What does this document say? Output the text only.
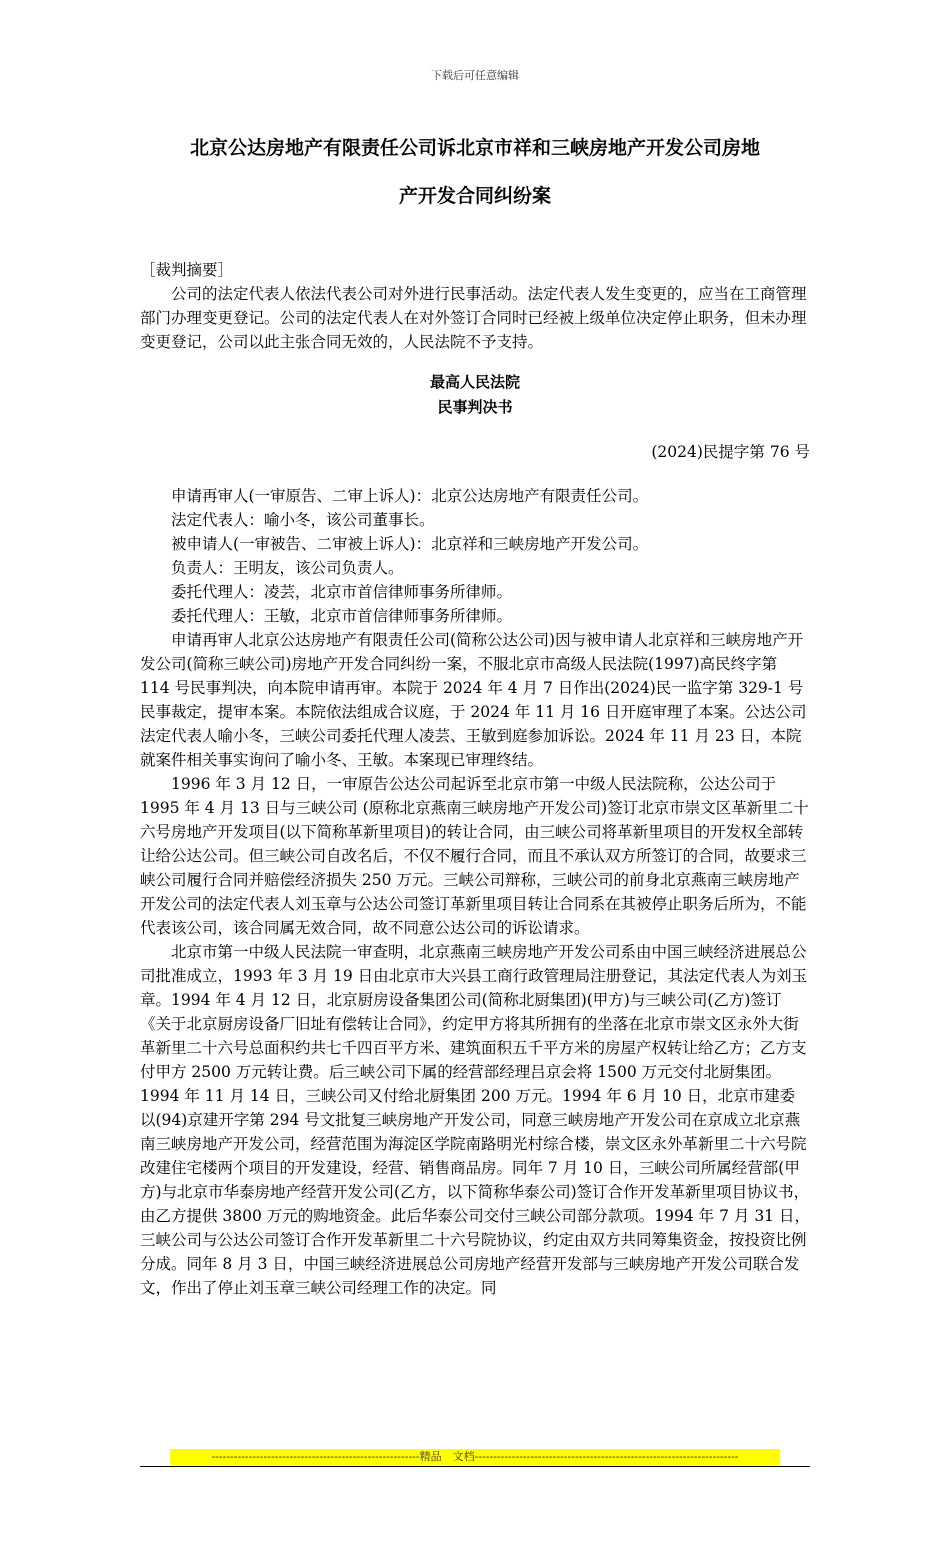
下载后可任意编辑
北京公达房地产有限责任公司诉北京市祥和三峡房地产开发公司房地
产开发合同纠纷案

［裁判摘要］

公司的法定代表人依法代表公司对外进行民事活动。法定代表人发生变更的，应当在工商管理部门办理变更登记。公司的法定代表人在对外签订合同时已经被上级单位决定停止职务，但未办理变更登记，公司以此主张合同无效的，人民法院不予支持。

最高人民法院
民事判决书

(2024)民提字第 76 号

申请再审人(一审原告、二审上诉人)：北京公达房地产有限责任公司。

法定代表人：喻小冬，该公司董事长。

被申请人(一审被告、二审被上诉人)：北京祥和三峡房地产开发公司。

负责人：王明友，该公司负责人。

委托代理人：凌芸，北京市首信律师事务所律师。

委托代理人：王敏，北京市首信律师事务所律师。

申请再审人北京公达房地产有限责任公司(简称公达公司)因与被申请人北京祥和三峡房地产开发公司(简称三峡公司)房地产开发合同纠纷一案，不服北京市高级人民法院(1997)高民终字第 114 号民事判决，向本院申请再审。本院于 2024 年 4 月 7 日作出(2024)民一监字第 329-1 号民事裁定，提审本案。本院依法组成合议庭，于 2024 年 11 月 16 日开庭审理了本案。公达公司法定代表人喻小冬，三峡公司委托代理人凌芸、王敏到庭参加诉讼。2024 年 11 月 23 日，本院就案件相关事实询问了喻小冬、王敏。本案现已审理终结。

1996 年 3 月 12 日，一审原告公达公司起诉至北京市第一中级人民法院称，公达公司于 1995 年 4 月 13 日与三峡公司 (原称北京燕南三峡房地产开发公司)签订北京市崇文区革新里二十六号房地产开发项目(以下简称革新里项目)的转让合同，由三峡公司将革新里项目的开发权全部转让给公达公司。但三峡公司自改名后，不仅不履行合同，而且不承认双方所签订的合同，故要求三峡公司履行合同并赔偿经济损失 250 万元。三峡公司辩称，三峡公司的前身北京燕南三峡房地产开发公司的法定代表人刘玉章与公达公司签订革新里项目转让合同系在其被停止职务后所为，不能代表该公司，该合同属无效合同，故不同意公达公司的诉讼请求。

北京市第一中级人民法院一审查明，北京燕南三峡房地产开发公司系由中国三峡经济进展总公司批准成立，1993 年 3 月 19 日由北京市大兴县工商行政管理局注册登记，其法定代表人为刘玉章。1994 年 4 月 12 日，北京厨房设备集团公司(简称北厨集团)(甲方)与三峡公司(乙方)签订《关于北京厨房设备厂旧址有偿转让合同》，约定甲方将其所拥有的坐落在北京市崇文区永外大街革新里二十六号总面积约共七千四百平方米、建筑面积五千平方米的房屋产权转让给乙方；乙方支付甲方 2500 万元转让费。后三峡公司下属的经营部经理吕京会将 1500 万元交付北厨集团。1994 年 11 月 14 日，三峡公司又付给北厨集团 200 万元。1994 年 6 月 10 日，北京市建委以(94)京建开字第 294 号文批复三峡房地产开发公司，同意三峡房地产开发公司在京成立北京燕南三峡房地产开发公司，经营范围为海淀区学院南路明光村综合楼，崇文区永外革新里二十六号院改建住宅楼两个项目的开发建设，经营、销售商品房。同年 7 月 10 日，三峡公司所属经营部(甲方)与北京市华泰房地产经营开发公司(乙方，以下简称华泰公司)签订合作开发革新里项目协议书，由乙方提供 3800 万元的购地资金。此后华泰公司交付三峡公司部分款项。1994 年 7 月 31 日，三峡公司与公达公司签订合作开发革新里二十六号院协议，约定由双方共同筹集资金，按投资比例分成。同年 8 月 3 日，中国三峡经济进展总公司房地产经营开发部与三峡房地产开发公司联合发文，作出了停止刘玉章三峡公司经理工作的决定。同

--------------------------------------------------------精品　文档-----------------------------------------------------------------------
